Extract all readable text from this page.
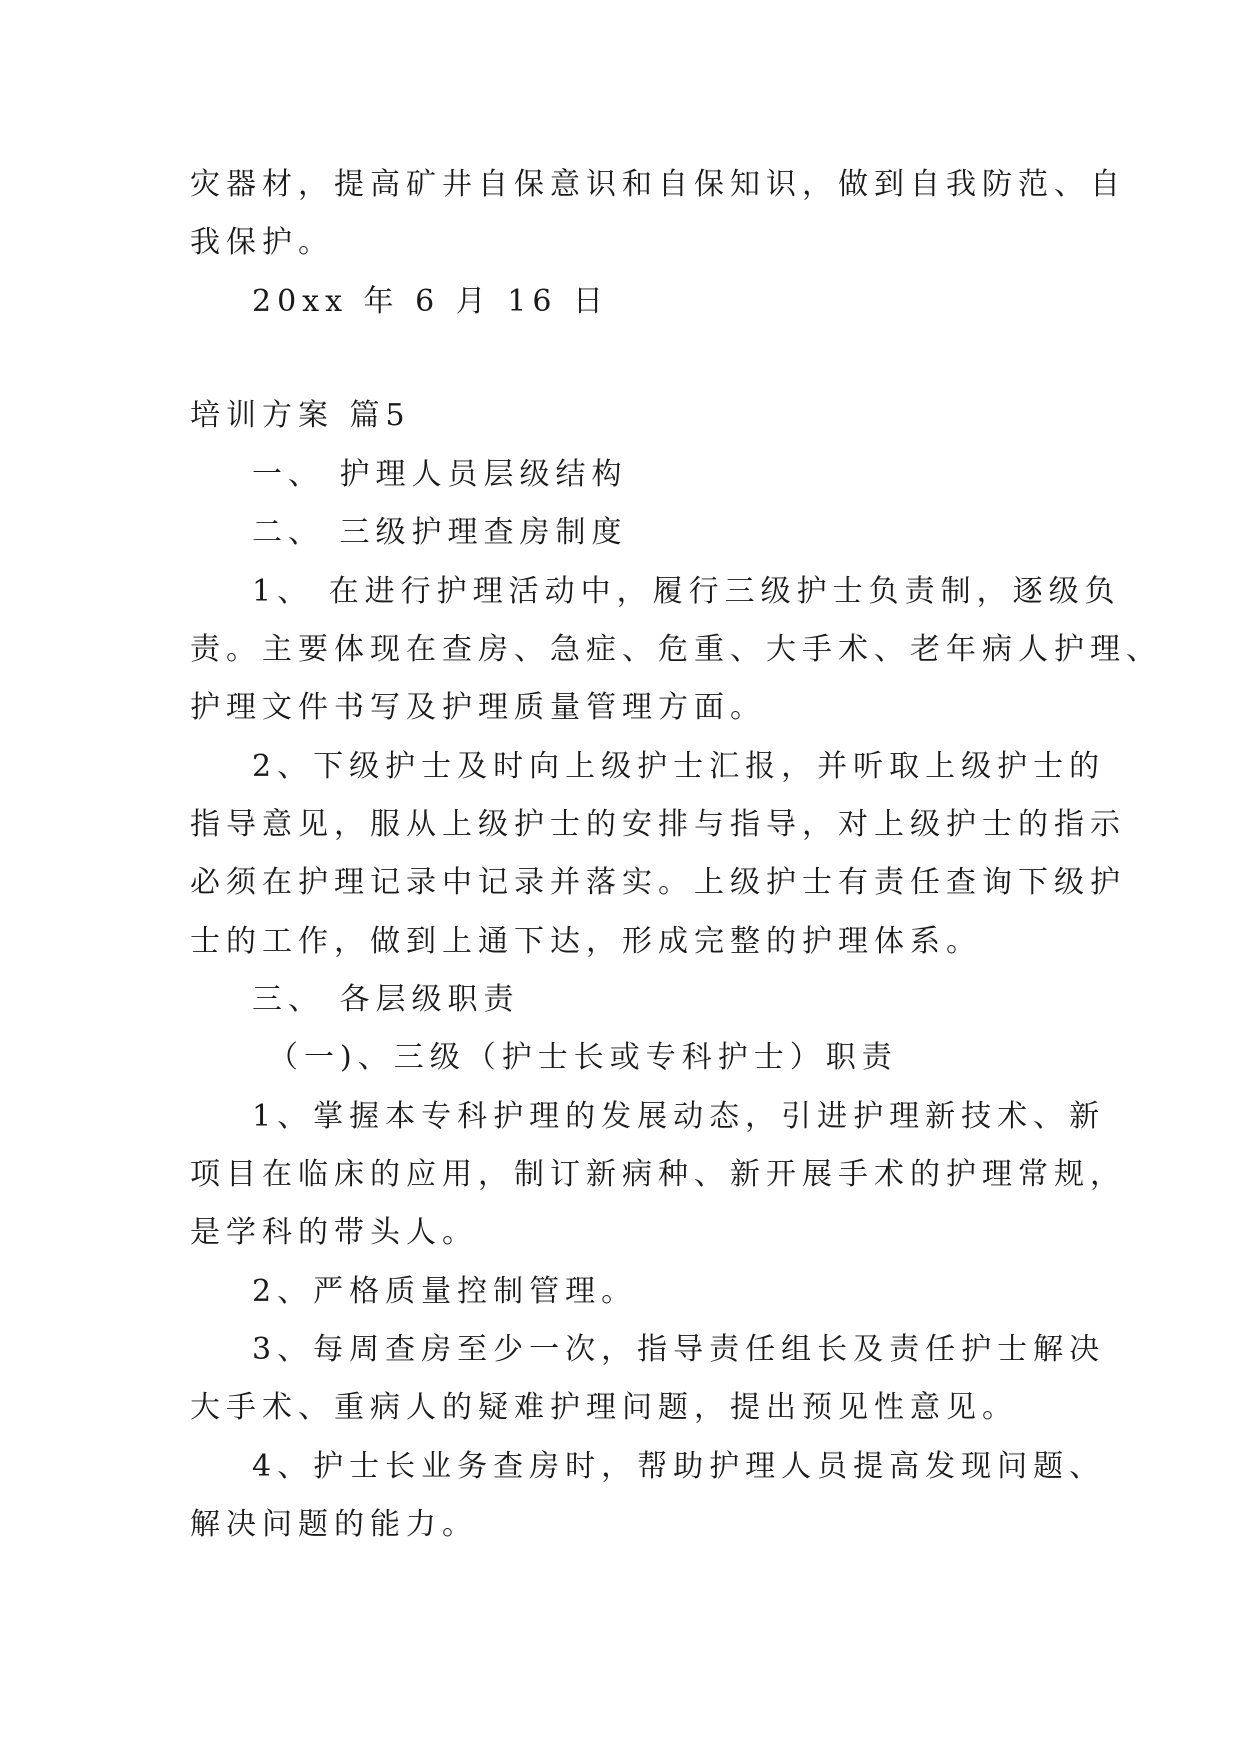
灾器材，提高矿井自保意识和自保知识，做到自我防范、自
我保护。
20xx 年 6 月 16 日
培训方案 篇5
一、 护理人员层级结构
二、 三级护理查房制度
1、 在进行护理活动中，履行三级护士负责制，逐级负
责。主要体现在查房、急症、危重、大手术、老年病人护理、
护理文件书写及护理质量管理方面。
2、下级护士及时向上级护士汇报，并听取上级护士的
指导意见，服从上级护士的安排与指导，对上级护士的指示
必须在护理记录中记录并落实。上级护士有责任查询下级护
士的工作，做到上通下达，形成完整的护理体系。
三、 各层级职责
（一)、三级（护士长或专科护士）职责
1、掌握本专科护理的发展动态，引进护理新技术、新
项目在临床的应用，制订新病种、新开展手术的护理常规，
是学科的带头人。
2、严格质量控制管理。
3、每周查房至少一次，指导责任组长及责任护士解决
大手术、重病人的疑难护理问题，提出预见性意见。
4、护士长业务查房时，帮助护理人员提高发现问题、
解决问题的能力。
